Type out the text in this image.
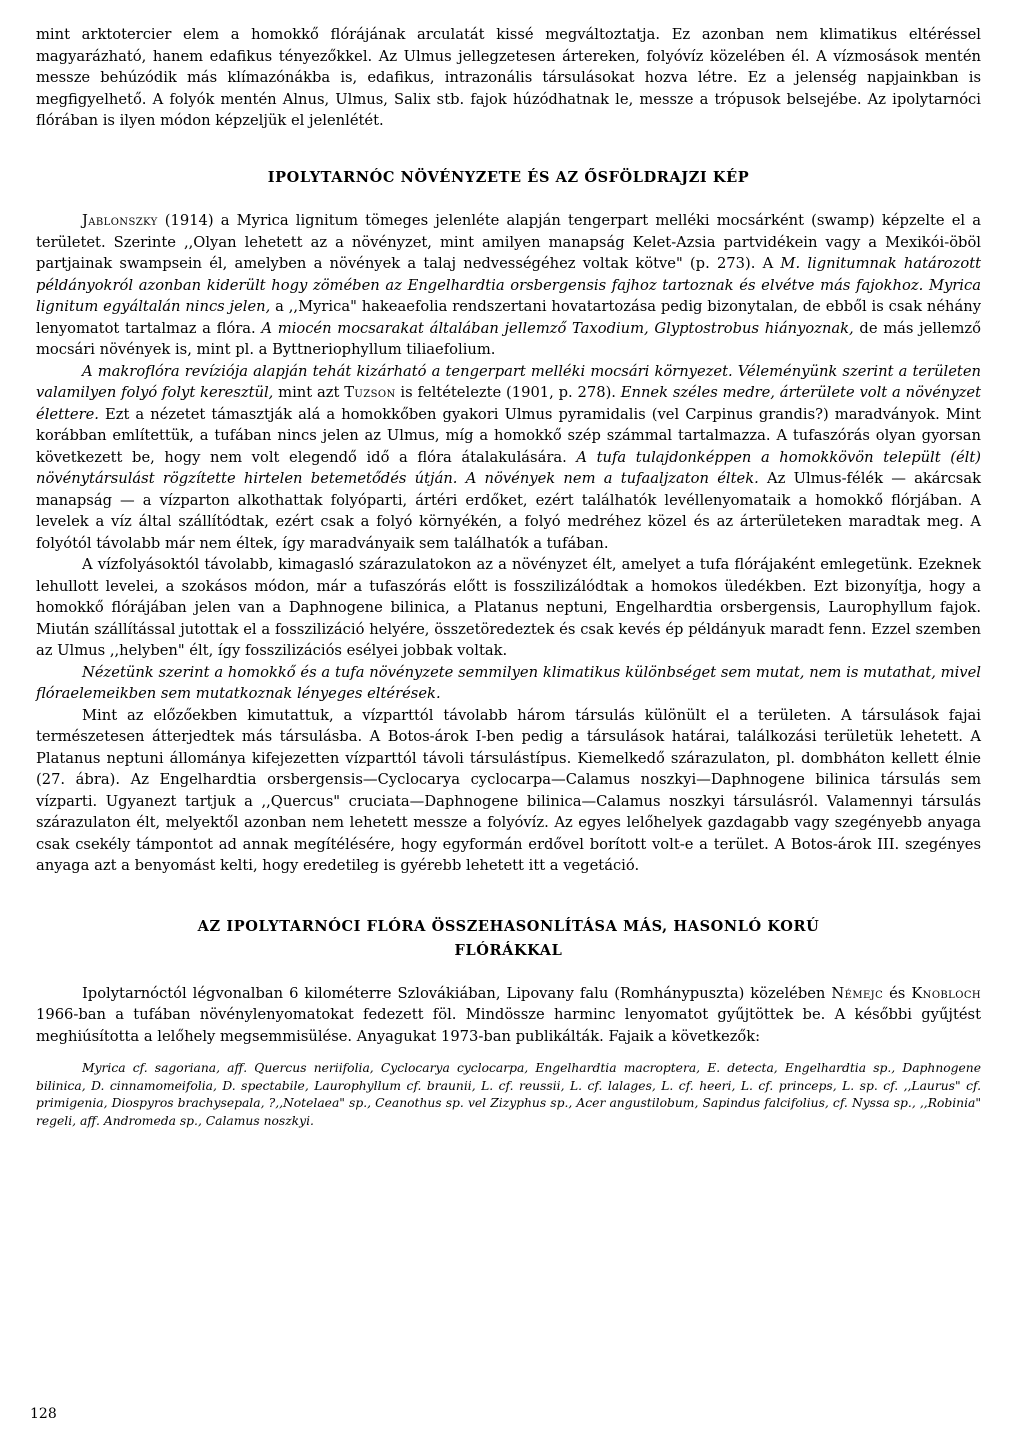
mint arktotercier elem a homokkő flórájának arculatát kissé megváltoztatja. Ez azonban nem klimatikus eltéréssel magyarázható, hanem edafikus tényezőkkel. Az Ulmus jellegzetesen ártereken, folyóvíz közelében él. A vízmosások mentén messze behúzódik más klímazónákba is, edafikus, intrazonális társulásokat hozva létre. Ez a jelenség napjainkban is megfigyelhető. A folyók mentén Alnus, Ulmus, Salix stb. fajok húzódhatnak le, messze a trópusok belsejébe. Az ipolytarnóci flórában is ilyen módon képzeljük el jelenlétét.

IPOLYTARNÓC NÖVÉNYZETE ÉS AZ ŐSFÖLDRAJZI KÉP

Jablonszky (1914) a Myrica lignitum tömeges jelenléte alapján tengerpart melléki mocsárként (swamp) képzelte el a területet. Szerinte ,,Olyan lehetett az a növényzet, mint amilyen manapság Kelet-Azsia partvidékein vagy a Mexikói-öböl partjainak swampsein él, amelyben a növények a talaj nedvességéhez voltak kötve" (p. 273). A M. lignitumnak határozott példányokról azonban kiderült hogy zömében az Engelhardtia orsbergensis fajhoz tartoznak és elvétve más fajokhoz. Myrica lignitum egyáltalán nincs jelen, a ,,Myrica" hakeaefolia rendszertani hovatartozása pedig bizonytalan, de ebből is csak néhány lenyomatot tartalmaz a flóra. A miocén mocsarakat általában jellemző Taxodium, Glyptostrobus hiányoznak, de más jellemző mocsári növények is, mint pl. a Byttneriophyllum tiliaefolium.

A makroflóra revíziója alapján tehát kizárható a tengerpart melléki mocsári környezet. Véleményünk szerint a területen valamilyen folyó folyt keresztül, mint azt Tuzson is feltételezte (1901, p. 278). Ennek széles medre, árterülete volt a növényzet élettere. Ezt a nézetet támasztják alá a homokkőben gyakori Ulmus pyramidalis (vel Carpinus grandis?) maradványok. Mint korábban említettük, a tufában nincs jelen az Ulmus, míg a homokkő szép számmal tartalmazza. A tufaszórás olyan gyorsan következett be, hogy nem volt elegendő idő a flóra átalakulására. A tufa tulajdonképpen a homokkövön települt (élt) növénytársulást rögzítette hirtelen betemetődés útján. A növények nem a tufaaljzaton éltek. Az Ulmus-félék — akárcsak manapság — a vízparton alkothattak folyóparti, ártéri erdőket, ezért találhatók levéllenyomataik a homokkő flórjában. A levelek a víz által szállítódtak, ezért csak a folyó környékén, a folyó medréhez közel és az árterületeken maradtak meg. A folyótól távolabb már nem éltek, így maradványaik sem találhatók a tufában.

A vízfolyásoktól távolabb, kimagasló szárazulatokon az a növényzet élt, amelyet a tufa flórájaként emlegetünk. Ezeknek lehullott levelei, a szokásos módon, már a tufaszórás előtt is fosszilizálódtak a homokos üledékben. Ezt bizonyítja, hogy a homokkő flórájában jelen van a Daphnogene bilinica, a Platanus neptuni, Engelhardtia orsbergensis, Laurophyllum fajok. Miután szállítással jutottak el a fosszilizáció helyére, összetöredeztek és csak kevés ép példányuk maradt fenn. Ezzel szemben az Ulmus ,,helyben" élt, így fosszilizációs esélyei jobbak voltak.

Nézetünk szerint a homokkő és a tufa növényzete semmilyen klimatikus különbséget sem mutat, nem is mutathat, mivel flóraelemeikben sem mutatkoznak lényeges eltérések.

Mint az előzőekben kimutattuk, a vízparttól távolabb három társulás különült el a területen. A társulások fajai természetesen átterjedtek más társulásba. A Botos-árok I-ben pedig a társulások határai, találkozási területük lehetett. A Platanus neptuni állománya kifejezetten vízparttól távoli társulástípus. Kiemelkedő szárazulaton, pl. dombháton kellett élnie (27. ábra). Az Engelhardtia orsbergensis—Cyclocarya cyclocarpa—Calamus noszkyi—Daphnogene bilinica társulás sem vízparti. Ugyanezt tartjuk a ,,Quercus" cruciata—Daphnogene bilinica—Calamus noszkyi társulásról. Valamennyi társulás szárazulaton élt, melyektől azonban nem lehetett messze a folyóvíz. Az egyes lelőhelyek gazdagabb vagy szegényebb anyaga csak csekély támpontot ad annak megítélésére, hogy egyformán erdővel borított volt-e a terület. A Botos-árok III. szegényes anyaga azt a benyomást kelti, hogy eredetileg is gyérebb lehetett itt a vegetáció.

AZ IPOLYTARNÓCI FLÓRA ÖSSZEHASONLÍTÁSA MÁS, HASONLÓ KORÚ
FLÓRÁKKAL

Ipolytarnóctól légvonalban 6 kilométerre Szlovákiában, Lipovany falu (Romhánypuszta) közelében Némejc és Knobloch 1966-ban a tufában növénylenyomatokat fedezett föl. Mindössze harminc lenyomatot gyűjtöttek be. A későbbi gyűjtést meghiúsította a lelőhely megsemmisülése. Anyagukat 1973-ban publikálták. Fajaik a következők:

Myrica cf. sagoriana, aff. Quercus neriifolia, Cyclocarya cyclocarpa, Engelhardtia macroptera, E. detecta, Engelhardtia sp., Daphnogene bilinica, D. cinnamomeifolia, D. spectabile, Laurophyllum cf. braunii, L. cf. reussii, L. cf. lalages, L. cf. heeri, L. cf. princeps, L. sp. cf. ,,Laurus" cf. primigenia, Diospyros brachysepala, ?,,Notelaea" sp., Ceanothus sp. vel Zizyphus sp., Acer angustilobum, Sapindus falcifolius, cf. Nyssa sp., ,,Robinia" regeli, aff. Andromeda sp., Calamus noszkyi.

128
